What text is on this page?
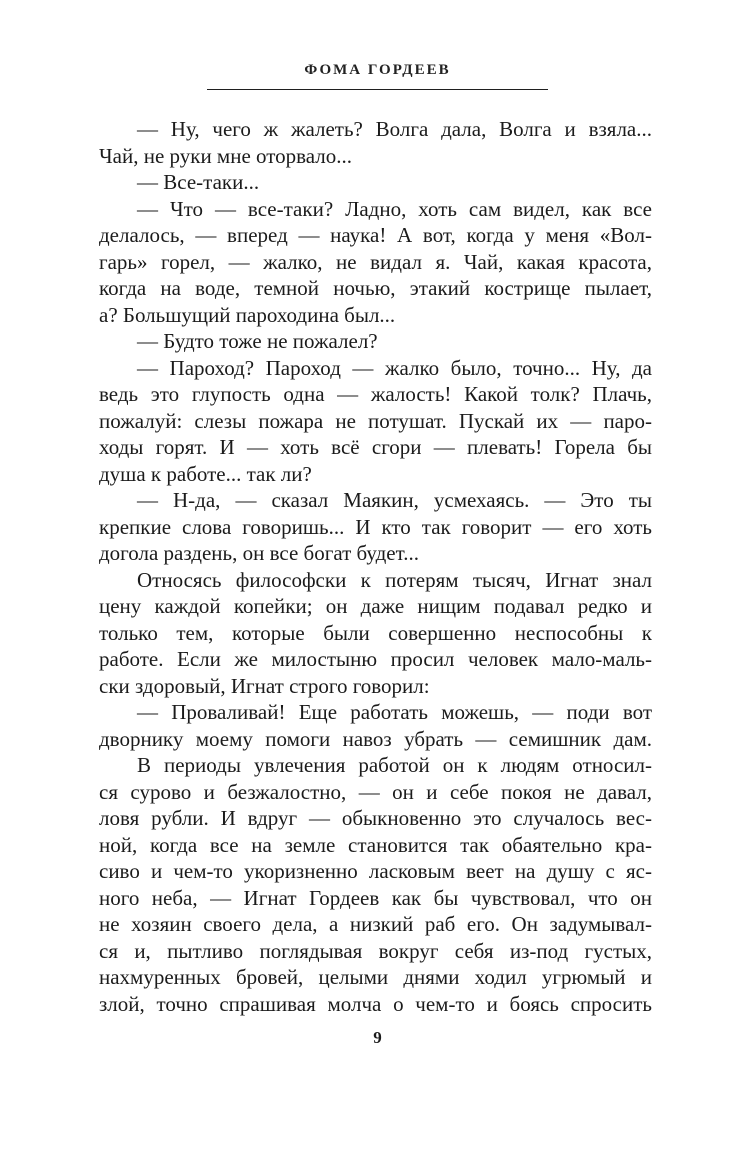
ФОМА ГОРДЕЕВ
— Ну, чего ж жалеть? Волга дала, Волга и взяла...
Чай, не руки мне оторвало...
— Все-таки...
— Что — все-таки? Ладно, хоть сам видел, как все
делалось, — вперед — наука! А вот, когда у меня «Вол-
гарь» горел, — жалко, не видал я. Чай, какая красота,
когда на воде, темной ночью, этакий кострище пылает,
а? Большущий пароходина был...
— Будто тоже не пожалел?
— Пароход? Пароход — жалко было, точно... Ну, да
ведь это глупость одна — жалость! Какой толк? Плачь,
пожалуй: слезы пожара не потушат. Пускай их — паро-
ходы горят. И — хоть всё сгори — плевать! Горела бы
душа к работе... так ли?
— Н-да, — сказал Маякин, усмехаясь. — Это ты
крепкие слова говоришь... И кто так говорит — его хоть
догола раздень, он все богат будет...
Относясь философски к потерям тысяч, Игнат знал
цену каждой копейки; он даже нищим подавал редко и
только тем, которые были совершенно неспособны к
работе. Если же милостыню просил человек мало-маль-
ски здоровый, Игнат строго говорил:
— Проваливай! Еще работать можешь, — поди вот
дворнику моему помоги навоз убрать — семишник дам.
В периоды увлечения работой он к людям относил-
ся сурово и безжалостно, — он и себе покоя не давал,
ловя рубли. И вдруг — обыкновенно это случалось вес-
ной, когда все на земле становится так обаятельно кра-
сиво и чем-то укоризненно ласковым веет на душу с яс-
ного неба, — Игнат Гордеев как бы чувствовал, что он
не хозяин своего дела, а низкий раб его. Он задумывал-
ся и, пытливо поглядывая вокруг себя из-под густых,
нахмуренных бровей, целыми днями ходил угрюмый и
злой, точно спрашивая молча о чем-то и боясь спросить
9
